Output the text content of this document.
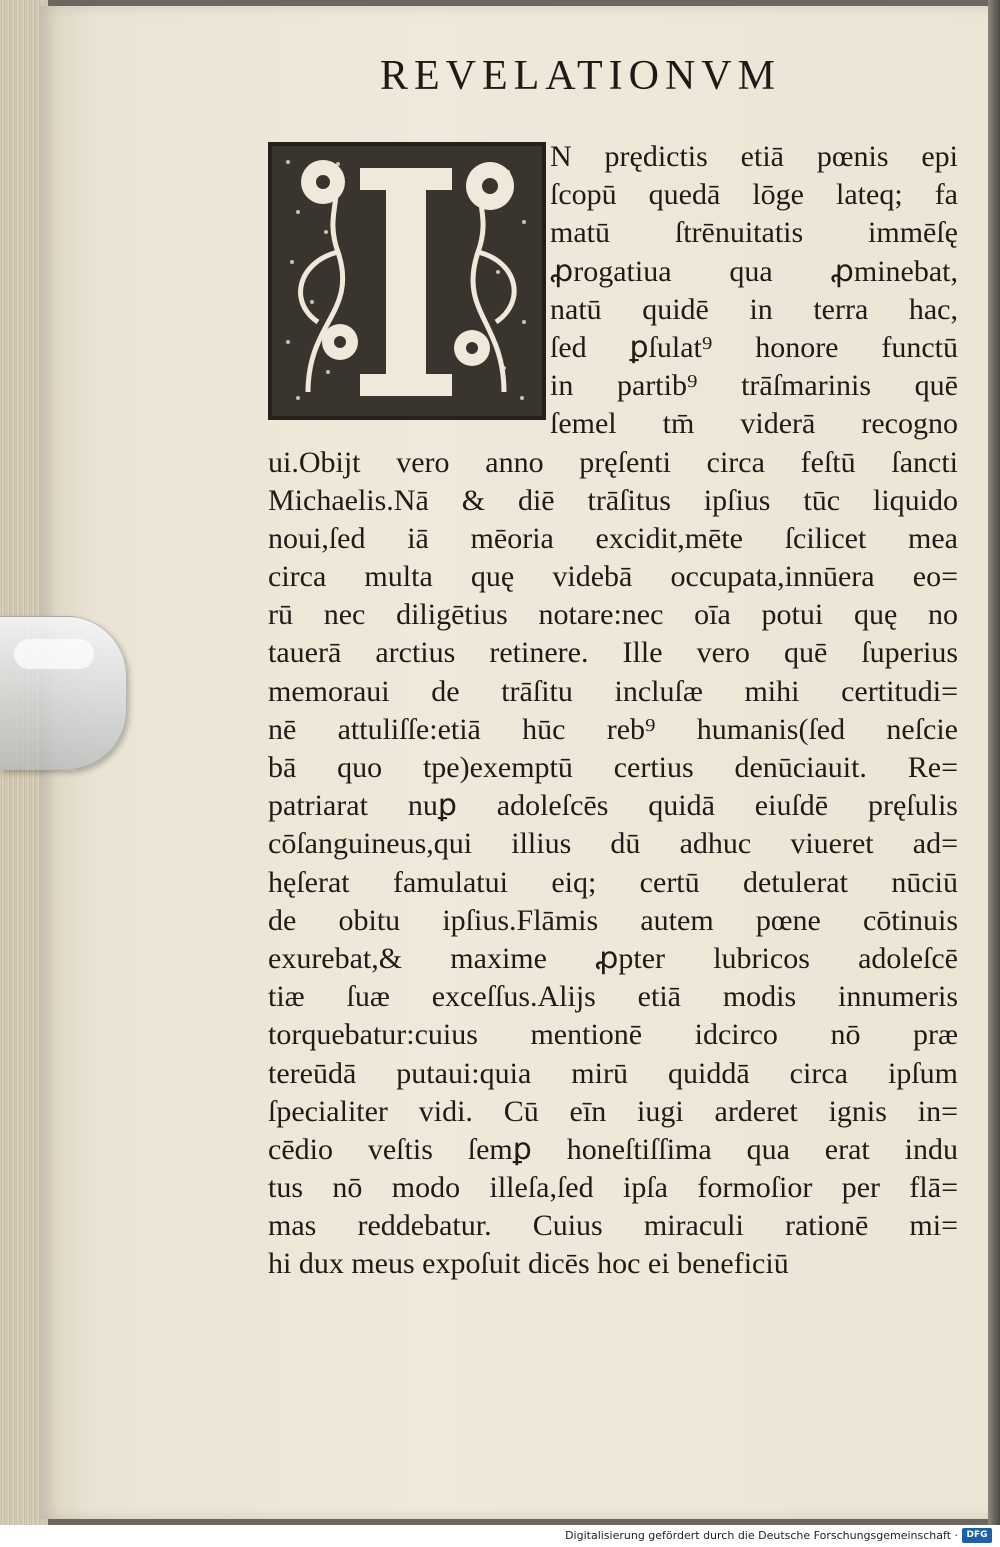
REVELATIONVM
N prędictis etiā pœnis epi
ſcopū quedā lōge lateq; fa
matū ſtrēnuitatis immēſę
ꝓrogatiua qua ꝓminebat,
natū quidē in terra hac,
ſed ꝑſulat⁹ honore functū
in partib⁹ trāſmarinis quē
ſemel tm̄ viderā recogno
ui.Obijt vero anno pręſenti circa feſtū ſancti
Michaelis.Nā & diē trāſitus ipſius tūc liquido
noui,ſed iā mēoria excidit,mēte ſcilicet mea
circa multa quę videbā occupata,innūera eo=
rū nec diligētius notare:nec oīa potui quę no
tauerā arctius retinere. Ille vero quē ſuperius
memoraui de trāſitu incluſæ mihi certitudi=
nē attuliſſe:etiā hūc reb⁹ humanis(ſed neſcie
bā quo tpe)exemptū certius denūciauit. Re=
patriarat nuꝑ adoleſcēs quidā eiuſdē pręſulis
cōſanguineus,qui illius dū adhuc viueret ad=
hęſerat famulatui eiq; certū detulerat nūciū
de obitu ipſius.Flāmis autem pœne cōtinuis
exurebat,& maxime ꝓpter lubricos adoleſcē
tiæ ſuæ exceſſus.Alijs etiā modis innumeris
torquebatur:cuius mentionē idcirco nō præ
tereūdā putaui:quia mirū quiddā circa ipſum
ſpecialiter vidi. Cū eīn iugi arderet ignis in=
cēdio veſtis ſemꝑ honeſtiſſima qua erat indu
tus nō modo illeſa,ſed ipſa formoſior per flā=
mas reddebatur. Cuius miraculi rationē mi=
hi dux meus expoſuit dicēs hoc ei beneficiū
Digitalisierung gefördert durch die Deutsche Forschungsgemeinschaft · DFG
